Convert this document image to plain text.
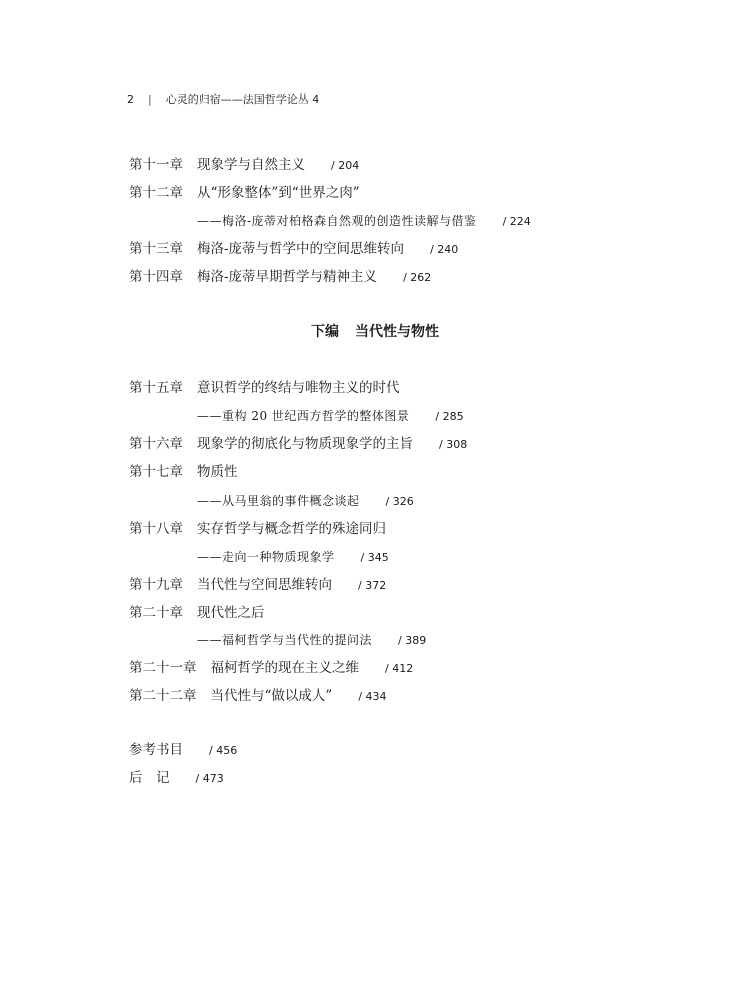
2 | 心灵的归宿——法国哲学论丛 4
第十一章 现象学与自然主义 / 204
第十二章 从“形象整体”到“世界之肉”
——梅洛-庞蒂对柏格森自然观的创造性读解与借鉴 / 224
第十三章 梅洛-庞蒂与哲学中的空间思维转向 / 240
第十四章 梅洛-庞蒂早期哲学与精神主义 / 262
下编 当代性与物性
第十五章 意识哲学的终结与唯物主义的时代
——重构 20 世纪西方哲学的整体图景 / 285
第十六章 现象学的彻底化与物质现象学的主旨 / 308
第十七章 物质性
——从马里翁的事件概念谈起 / 326
第十八章 实存哲学与概念哲学的殊途同归
——走向一种物质现象学 / 345
第十九章 当代性与空间思维转向 / 372
第二十章 现代性之后
——福柯哲学与当代性的提问法 / 389
第二十一章 福柯哲学的现在主义之维 / 412
第二十二章 当代性与“做以成人” / 434
参考书目 / 456
后　记 / 473
